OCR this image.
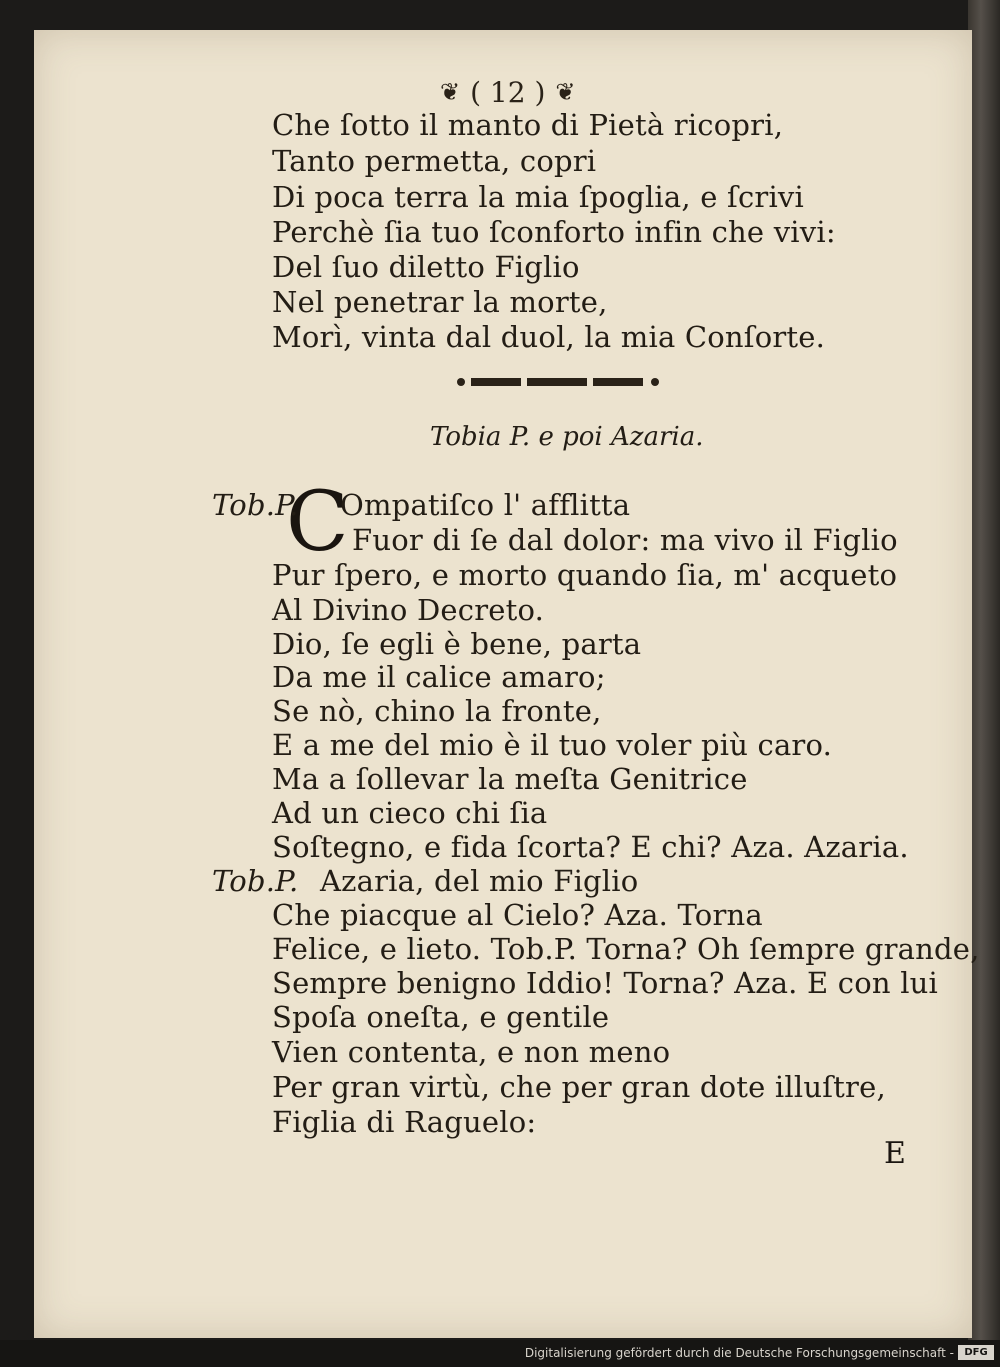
❦ ( 12 ) ❦
Che ſotto il manto di Pietà ricopri,
Tanto permetta, copri
Di poca terra la mia ſpoglia, e ſcrivi
Perchè ſia tuo ſconforto infin che vivi:
Del ſuo diletto Figlio
Nel penetrar la morte,
Morì, vinta dal duol, la mia Conſorte.
Tobia P. e poi Azaria.
C
Tob.P. Ompatiſco l' afflitta
Fuor di ſe dal dolor: ma vivo il Figlio
Pur ſpero, e morto quando ſia, m' acqueto
Al Divino Decreto.
Dio, ſe egli è bene, parta
Da me il calice amaro;
Se nò, chino la fronte,
E a me del mio è il tuo voler più caro.
Ma a ſollevar la meſta Genitrice
Ad un cieco chi ſia
Soſtegno, e fida ſcorta? E chi? Aza. Azaria.
Tob.P. Azaria, del mio Figlio
Che piacque al Cielo? Aza. Torna
Felice, e lieto. Tob.P. Torna? Oh ſempre grande,
Sempre benigno Iddio! Torna? Aza. E con lui
Spoſa oneſta, e gentile
Vien contenta, e non meno
Per gran virtù, che per gran dote illuſtre,
Figlia di Raguelo:
E
Digitalisierung gefördert durch die Deutsche Forschungsgemeinschaft -	DFG
